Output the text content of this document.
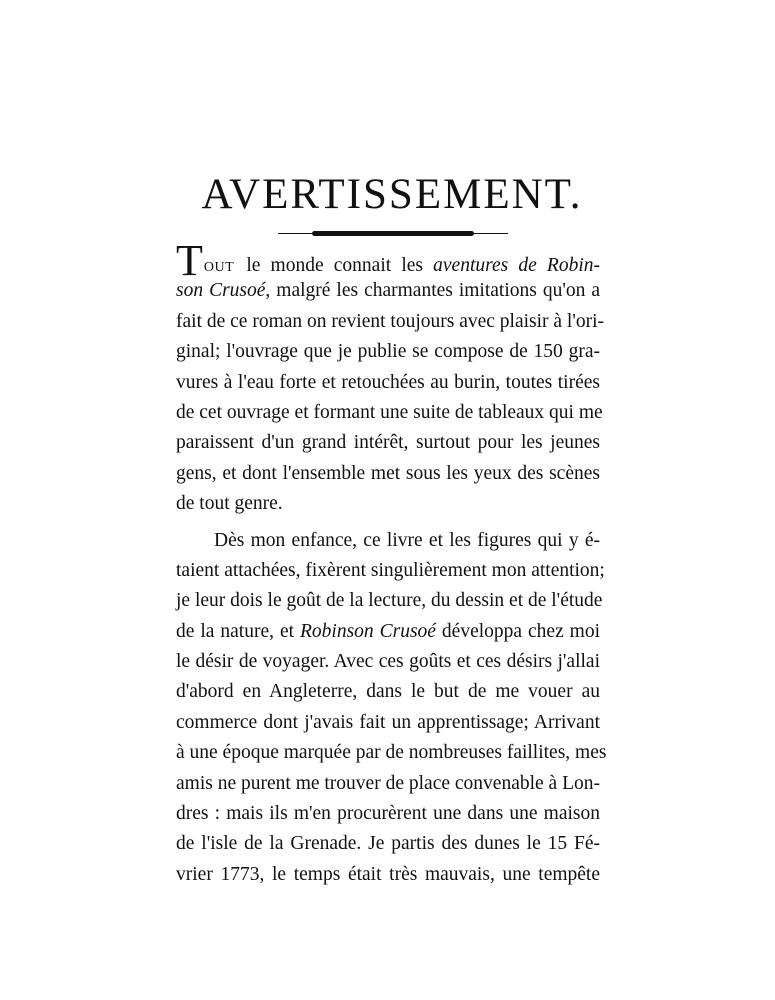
AVERTISSEMENT.
TOUT le monde connait les aventures de Robin-
son Crusoé, malgré les charmantes imitations qu'on a
fait de ce roman on revient toujours avec plaisir à l'ori-
ginal; l'ouvrage que je publie se compose de 150 gra-
vures à l'eau forte et retouchées au burin, toutes tirées
de cet ouvrage et formant une suite de tableaux qui me
paraissent d'un grand intérêt, surtout pour les jeunes
gens, et dont l'ensemble met sous les yeux des scènes
de tout genre.
Dès mon enfance, ce livre et les figures qui y é-
taient attachées, fixèrent singulièrement mon attention;
je leur dois le goût de la lecture, du dessin et de l'étude
de la nature, et Robinson Crusoé développa chez moi
le désir de voyager. Avec ces goûts et ces désirs j'allai
d'abord en Angleterre, dans le but de me vouer au
commerce dont j'avais fait un apprentissage; Arrivant
à une époque marquée par de nombreuses faillites, mes
amis ne purent me trouver de place convenable à Lon-
dres : mais ils m'en procurèrent une dans une maison
de l'isle de la Grenade. Je partis des dunes le 15 Fé-
vrier 1773, le temps était très mauvais, une tempête
